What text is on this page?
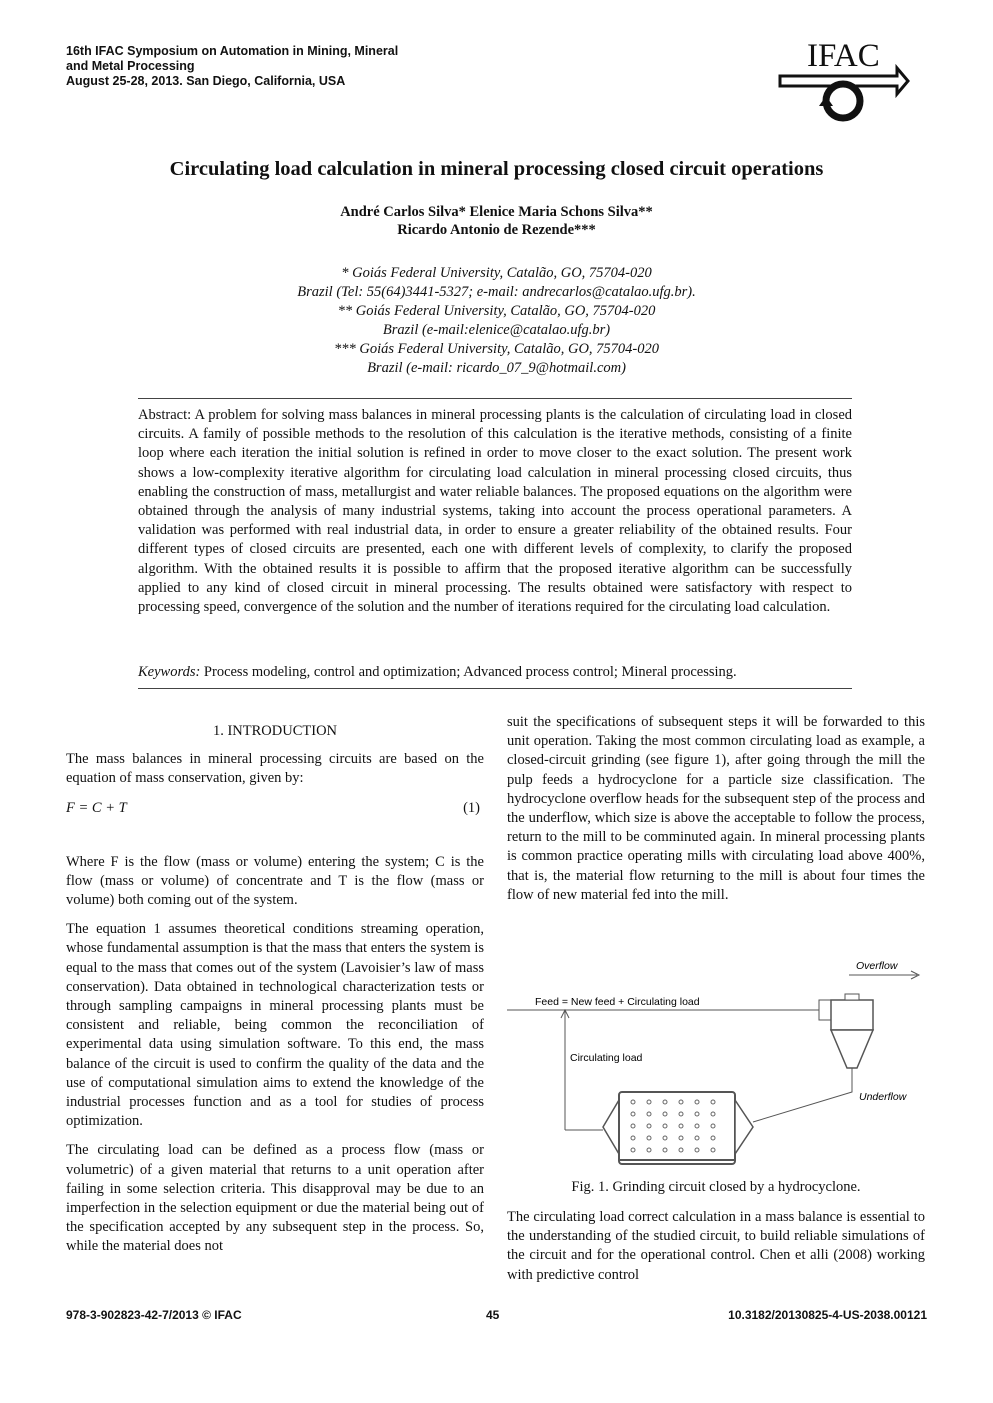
16th IFAC Symposium on Automation in Mining, Mineral
and Metal Processing
August 25-28, 2013. San Diego, California, USA
IFAC
Circulating load calculation in mineral processing closed circuit operations
André Carlos Silva* Elenice Maria Schons Silva**
Ricardo Antonio de Rezende***
* Goiás Federal University, Catalão, GO, 75704-020
Brazil (Tel: 55(64)3441-5327; e-mail: andrecarlos@catalao.ufg.br).
** Goiás Federal University, Catalão, GO, 75704-020
Brazil (e-mail:elenice@catalao.ufg.br)
*** Goiás Federal University, Catalão, GO, 75704-020
Brazil (e-mail: ricardo_07_9@hotmail.com)
Abstract: A problem for solving mass balances in mineral processing plants is the calculation of circulating load in closed circuits. A family of possible methods to the resolution of this calculation is the iterative methods, consisting of a finite loop where each iteration the initial solution is refined in order to move closer to the exact solution. The present work shows a low-complexity iterative algorithm for circulating load calculation in mineral processing closed circuits, thus enabling the construction of mass, metallurgist and water reliable balances. The proposed equations on the algorithm were obtained through the analysis of many industrial systems, taking into account the process operational parameters. A validation was performed with real industrial data, in order to ensure a greater reliability of the obtained results. Four different types of closed circuits are presented, each one with different levels of complexity, to clarify the proposed algorithm. With the obtained results it is possible to affirm that the proposed iterative algorithm can be successfully applied to any kind of closed circuit in mineral processing. The results obtained were satisfactory with respect to processing speed, convergence of the solution and the number of iterations required for the circulating load calculation.
Keywords: Process modeling, control and optimization; Advanced process control; Mineral processing.
1. INTRODUCTION

The mass balances in mineral processing circuits are based on the equation of mass conservation, given by:

F = C + T	(1)

Where F is the flow (mass or volume) entering the system; C is the flow (mass or volume) of concentrate and T is the flow (mass or volume) both coming out of the system.

The equation 1 assumes theoretical conditions streaming operation, whose fundamental assumption is that the mass that enters the system is equal to the mass that comes out of the system (Lavoisier’s law of mass conservation). Data obtained in technological characterization tests or through sampling campaigns in mineral processing plants must be consistent and reliable, being common the reconciliation of experimental data using simulation software. To this end, the mass balance of the circuit is used to confirm the quality of the data and the use of computational simulation aims to extend the knowledge of the industrial processes function and as a tool for studies of process optimization.

The circulating load can be defined as a process flow (mass or volumetric) of a given material that returns to a unit operation after failing in some selection criteria. This disapproval may be due to an imperfection in the selection equipment or due the material being out of the specification accepted by any subsequent step in the process. So, while the material does not

suit the specifications of subsequent steps it will be forwarded to this unit operation. Taking the most common circulating load as example, a closed-circuit grinding (see figure 1), after going through the mill the pulp feeds a hydrocyclone for a particle size classification. The hydrocyclone overflow heads for the subsequent step of the process and the underflow, which size is above the acceptable to follow the process, return to the mill to be comminuted again. In mineral processing plants is common practice operating mills with circulating load above 400%, that is, the material flow returning to the mill is about four times the flow of new material fed into the mill.

Overflow
Feed = New feed + Circulating load
Circulating load
Underflow
Fig. 1. Grinding circuit closed by a hydrocyclone.

The circulating load correct calculation in a mass balance is essential to the understanding of the studied circuit, to build reliable simulations of the circuit and for the operational control. Chen et alli (2008) working with predictive control

978-3-902823-42-7/2013 © IFAC	45	10.3182/20130825-4-US-2038.00121
